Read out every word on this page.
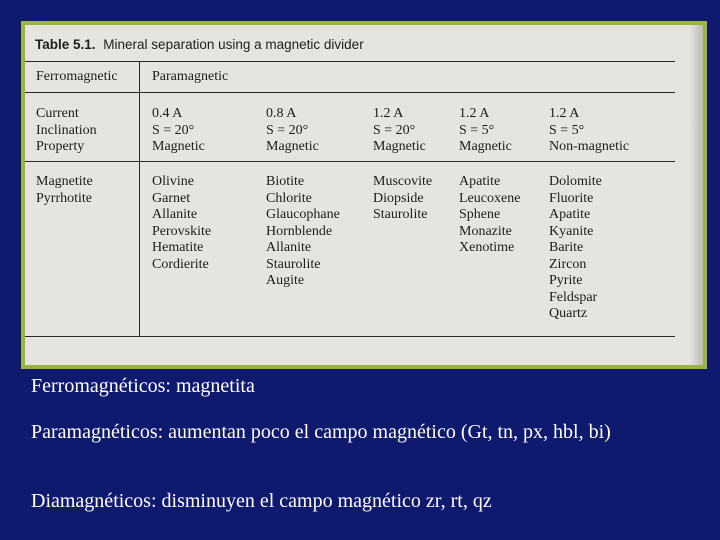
Table 5.1. Mineral separation using a magnetic divider
Ferromagnetic Paramagnetic
Current
Inclination
Property
0.4 A
S = 20°
Magnetic
0.8 A
S = 20°
Magnetic
1.2 A
S = 20°
Magnetic
1.2 A
S = 5°
Magnetic
1.2 A
S = 5°
Non-magnetic
Magnetite
Pyrrhotite
Olivine
Garnet
Allanite
Perovskite
Hematite
Cordierite
Biotite
Chlorite
Glaucophane
Hornblende
Allanite
Staurolite
Augite
Muscovite
Diopside
Staurolite
Apatite
Leucoxene
Sphene
Monazite
Xenotime
Dolomite
Fluorite
Apatite
Kyanite
Barite
Zircon
Pyrite
Feldspar
Quartz

Ferromagnéticos: magnetita

Paramagnéticos: aumentan poco el campo magnético (Gt, tn, px, hbl, bi)

Diamagnéticos: disminuyen el campo magnético zr, rt, qz
